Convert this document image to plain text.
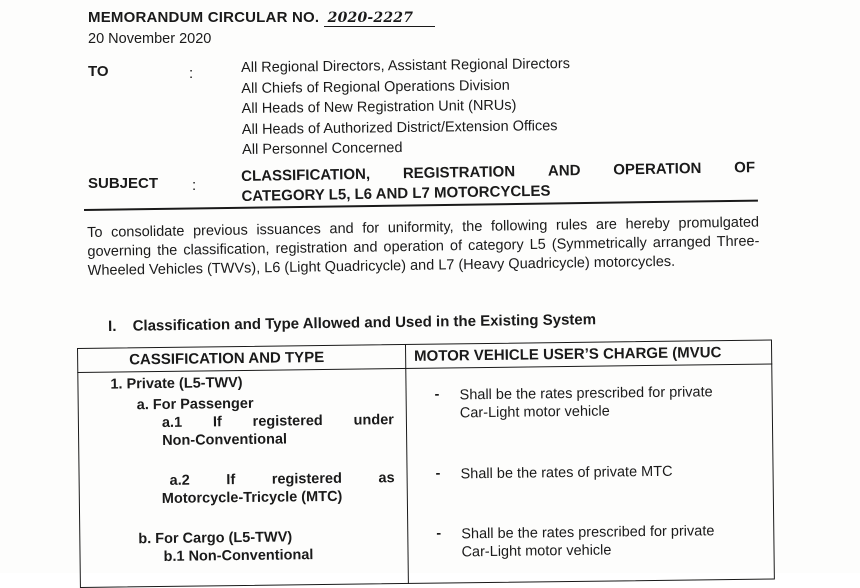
MEMORANDUM CIRCULAR NO. 2020-2227
20 November 2020
TO	:	All Regional Directors, Assistant Regional Directors
All Chiefs of Regional Operations Division
All Heads of New Registration Unit (NRUs)
All Heads of Authorized District/Extension Offices
All Personnel Concerned
SUBJECT :
CLASSIFICATION, REGISTRATION AND OPERATION OF
CATEGORY L5, L6 AND L7 MOTORCYCLES
To consolidate previous issuances and for uniformity, the following rules are hereby promulgated governing the classification, registration and operation of category L5 (Symmetrically arranged Three-Wheeled Vehicles (TWVs), L6 (Light Quadricycle) and L7 (Heavy Quadricycle) motorcycles.
I. Classification and Type Allowed and Used in the Existing System
CASSIFICATION AND TYPE	MOTOR VEHICLE USER’S CHARGE (MVUC
1. Private (L5-TWV)
a. For Passenger
a.1 If registered under
Non-Conventional
- Shall be the rates prescribed for private
Car-Light motor vehicle
a.2	If	registered	as
Motorcycle-Tricycle (MTC)
- Shall be the rates of private MTC
b. For Cargo (L5-TWV)
b.1 Non-Conventional
- Shall be the rates prescribed for private
Car-Light motor vehicle
